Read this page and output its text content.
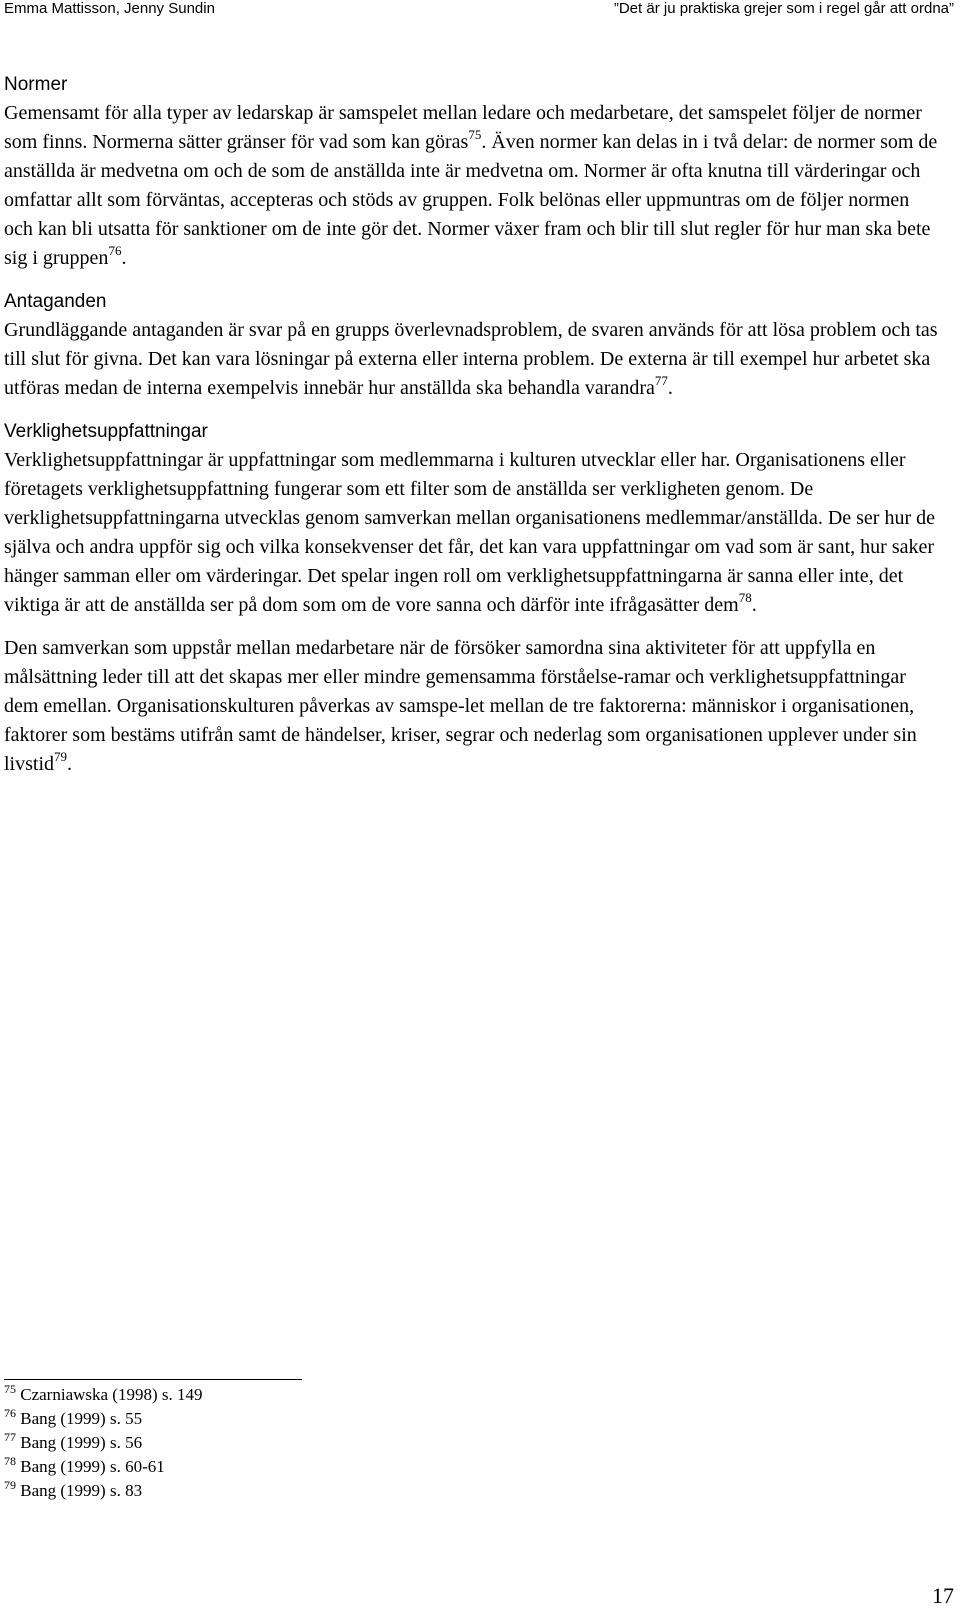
Emma Mattisson, Jenny Sundin	”Det är ju praktiska grejer som i regel går att ordna”
Normer

Gemensamt för alla typer av ledarskap är samspelet mellan ledare och medarbetare, det samspelet följer de normer som finns. Normerna sätter gränser för vad som kan göras$^{75}$. Även normer kan delas in i två delar: de normer som de anställda är medvetna om och de som de anställda inte är medvetna om. Normer är ofta knutna till värderingar och omfattar allt som förväntas, accepteras och stöds av gruppen. Folk belönas eller uppmuntras om de följer normen och kan bli utsatta för sanktioner om de inte gör det. Normer växer fram och blir till slut regler för hur man ska bete sig i gruppen$^{76}$.

Antaganden

Grundläggande antaganden är svar på en grupps överlevnadsproblem, de svaren används för att lösa problem och tas till slut för givna. Det kan vara lösningar på externa eller interna problem. De externa är till exempel hur arbetet ska utföras medan de interna exempelvis innebär hur anställda ska behandla varandra$^{77}$.

Verklighetsuppfattningar

Verklighetsuppfattningar är uppfattningar som medlemmarna i kulturen utvecklar eller har. Organisationens eller företagets verklighetsuppfattning fungerar som ett filter som de anställda ser verkligheten genom. De verklighetsuppfattningarna utvecklas genom samverkan mellan organisationens medlemmar/anställda. De ser hur de själva och andra uppför sig och vilka konsekvenser det får, det kan vara uppfattningar om vad som är sant, hur saker hänger samman eller om värderingar. Det spelar ingen roll om verklighetsuppfattningarna är sanna eller inte, det viktiga är att de anställda ser på dom som om de vore sanna och därför inte ifrågasätter dem$^{78}$.

Den samverkan som uppstår mellan medarbetare när de försöker samordna sina aktiviteter för att uppfylla en målsättning leder till att det skapas mer eller mindre gemensamma förståelse-ramar och verklighetsuppfattningar dem emellan. Organisationskulturen påverkas av samspe-let mellan de tre faktorerna: människor i organisationen, faktorer som bestäms utifrån samt de händelser, kriser, segrar och nederlag som organisationen upplever under sin livstid$^{79}$.

$^{75}$ Czarniawska (1998) s. 149
$^{76}$ Bang (1999) s. 55
$^{77}$ Bang (1999) s. 56
$^{78}$ Bang (1999) s. 60-61
$^{79}$ Bang (1999) s. 83
17
